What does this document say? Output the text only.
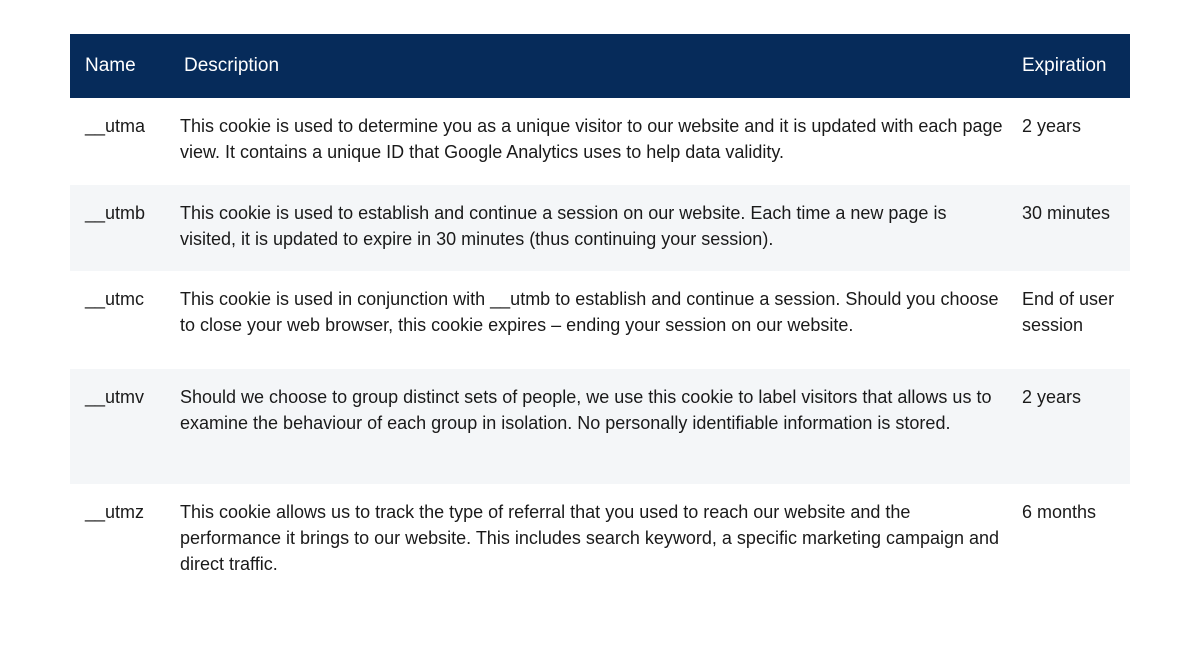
Name	Description	Expiration
__utma	This cookie is used to determine you as a unique visitor to our website and it is updated with each page view. It contains a unique ID that Google Analytics uses to help data validity.	2 years
__utmb	This cookie is used to establish and continue a session on our website. Each time a new page is visited, it is updated to expire in 30 minutes (thus continuing your session).	30 minutes
__utmc	This cookie is used in conjunction with __utmb to establish and continue a session. Should you choose to close your web browser, this cookie expires – ending your session on our website.	End of user session
__utmv	Should we choose to group distinct sets of people, we use this cookie to label visitors that allows us to examine the behaviour of each group in isolation. No personally identifiable information is stored.	2 years
__utmz	This cookie allows us to track the type of referral that you used to reach our website and the performance it brings to our website. This includes search keyword, a specific marketing campaign and direct traffic.	6 months
